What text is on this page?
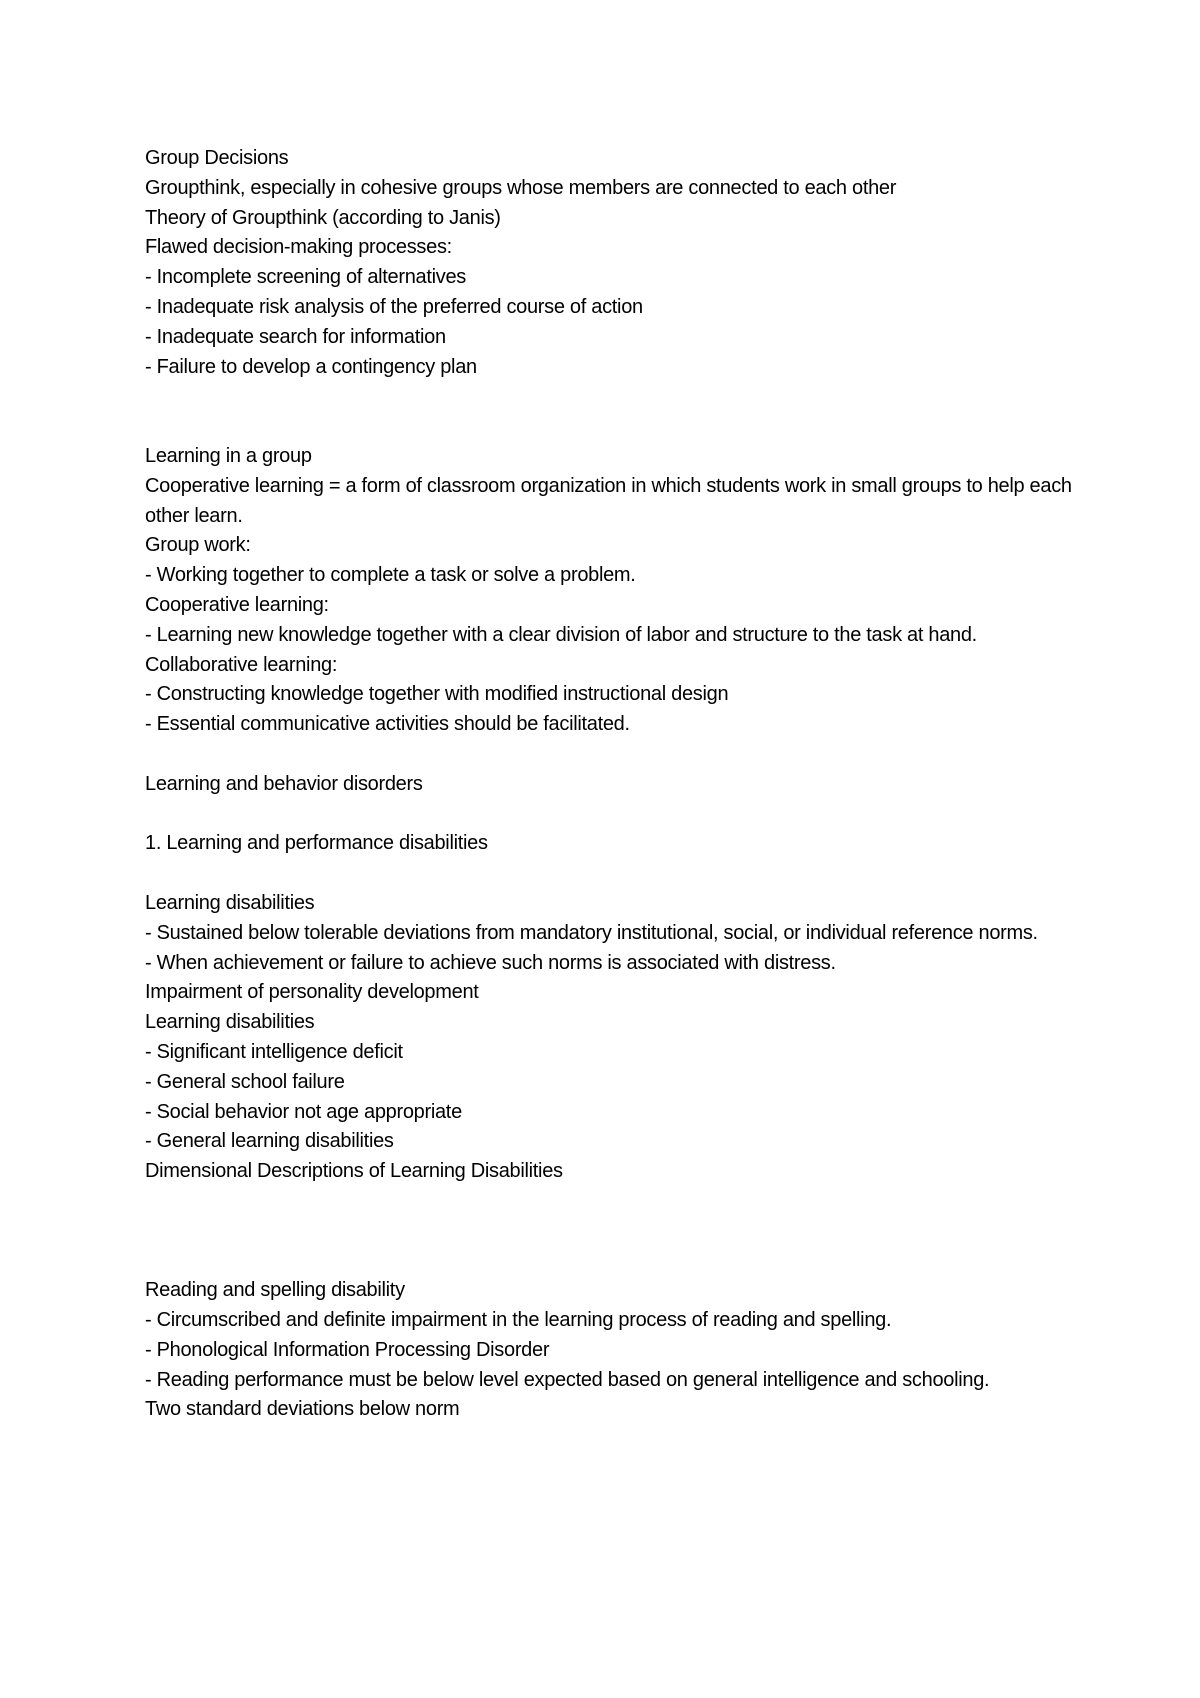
Group Decisions
Groupthink, especially in cohesive groups whose members are connected to each other
Theory of Groupthink (according to Janis)
Flawed decision-making processes:
- Incomplete screening of alternatives
- Inadequate risk analysis of the preferred course of action
- Inadequate search for information
- Failure to develop a contingency plan
Learning in a group
Cooperative learning = a form of classroom organization in which students work in small groups to help each other learn.
Group work:
- Working together to complete a task or solve a problem.
Cooperative learning:
- Learning new knowledge together with a clear division of labor and structure to the task at hand.
Collaborative learning:
- Constructing knowledge together with modified instructional design
- Essential communicative activities should be facilitated.
Learning and behavior disorders
1. Learning and performance disabilities
Learning disabilities
- Sustained below tolerable deviations from mandatory institutional, social, or individual reference norms.
- When achievement or failure to achieve such norms is associated with distress.
Impairment of personality development
Learning disabilities
- Significant intelligence deficit
- General school failure
- Social behavior not age appropriate
- General learning disabilities
Dimensional Descriptions of Learning Disabilities
Reading and spelling disability
- Circumscribed and definite impairment in the learning process of reading and spelling.
- Phonological Information Processing Disorder
- Reading performance must be below level expected based on general intelligence and schooling.
Two standard deviations below norm
